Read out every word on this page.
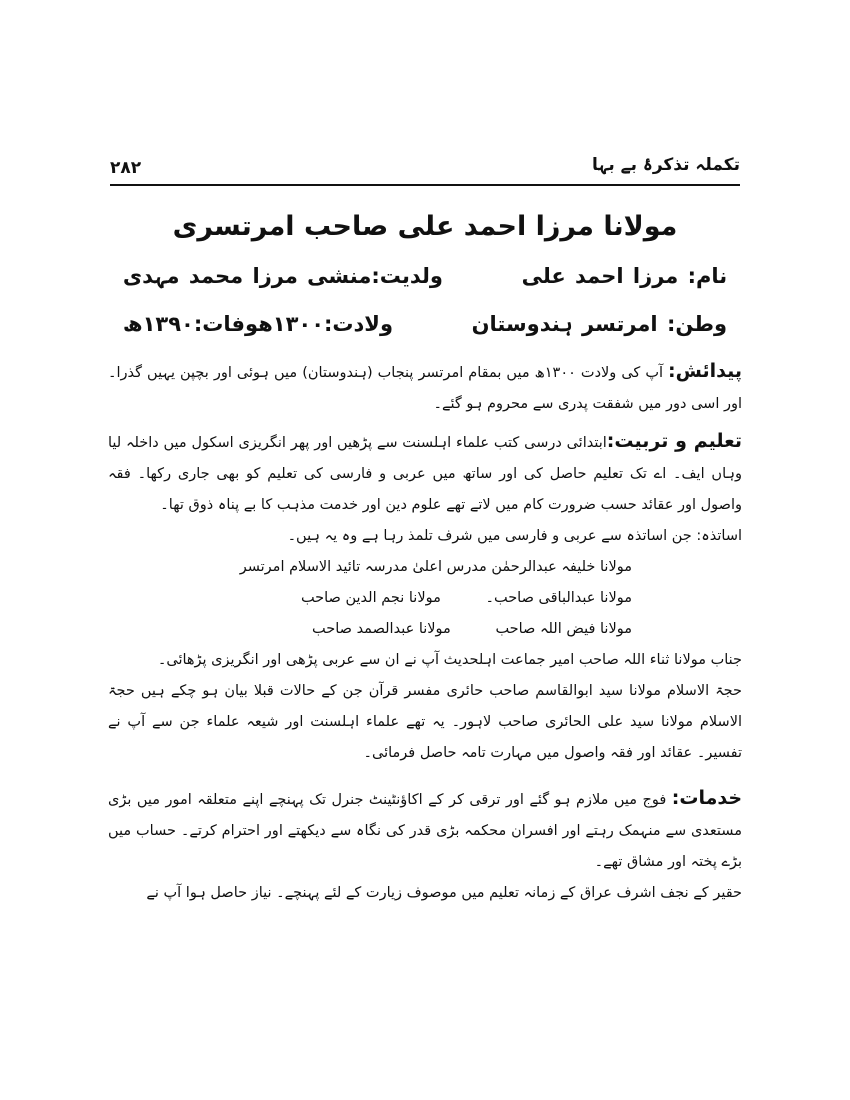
۲۸۲	تکملہ تذکرۂ بے بہا
مولانا مرزا احمد علی صاحب امرتسری
نام: مرزا احمد علی  ولدیت:منشی مرزا محمد مہدی
وطن: امرتسر ہندوستان  ولادت:۱۳۰۰ھوفات:۱۳۹۰ھ

پیدائش: آپ کی ولادت ۱۳۰۰ھ میں بمقام امرتسر پنجاب (ہندوستان) میں ہوئی اور بچپن یہیں گذرا۔ اور اسی دور میں شفقت پدری سے محروم ہو گئے۔

تعلیم و تربیت:ابتدائی درسی کتب علماء اہلسنت سے پڑھیں اور پھر انگریزی اسکول میں داخلہ لیا وہاں ایف۔ اے تک تعلیم حاصل کی اور ساتھ میں عربی و فارسی کی تعلیم کو بھی جاری رکھا۔ فقہ واصول اور عقائد حسب ضرورت کام میں لاتے تھے علوم دین اور خدمت مذہب کا بے پناہ ذوق تھا۔

اساتذہ: جن اساتذہ سے عربی و فارسی میں شرف تلمذ رہا ہے وہ یہ ہیں۔

مولانا خلیفہ عبدالرحمٰن مدرس اعلیٰ مدرسہ تائید الاسلام امرتسر
مولانا عبدالباقی صاحب۔ مولانا نجم الدین صاحب
مولانا فیض اللہ صاحب مولانا عبدالصمد صاحب

جناب مولانا ثناء اللہ صاحب امیر جماعت اہلحدیث آپ نے ان سے عربی پڑھی اور انگریزی پڑھائی۔

حجۃ الاسلام مولانا سید ابوالقاسم صاحب حائری مفسر قرآن جن کے حالات قبلا بیان ہو چکے ہیں حجۃ الاسلام مولانا سید علی الحائری صاحب لاہور۔ یہ تھے علماء اہلسنت اور شیعہ علماء جن سے آپ نے تفسیر۔ عقائد اور فقہ واصول میں مہارت تامہ حاصل فرمائی۔

خدمات: فوج میں ملازم ہو گئے اور ترقی کر کے اکاؤنٹینٹ جنرل تک پہنچے اپنے متعلقہ امور میں بڑی مستعدی سے منہمک رہتے اور افسران محکمہ بڑی قدر کی نگاہ سے دیکھتے اور احترام کرتے۔ حساب میں بڑے پختہ اور مشاق تھے۔

حقیر کے نجف اشرف عراق کے زمانہ تعلیم میں موصوف زیارت کے لئے پہنچے۔ نیاز حاصل ہوا آپ نے
